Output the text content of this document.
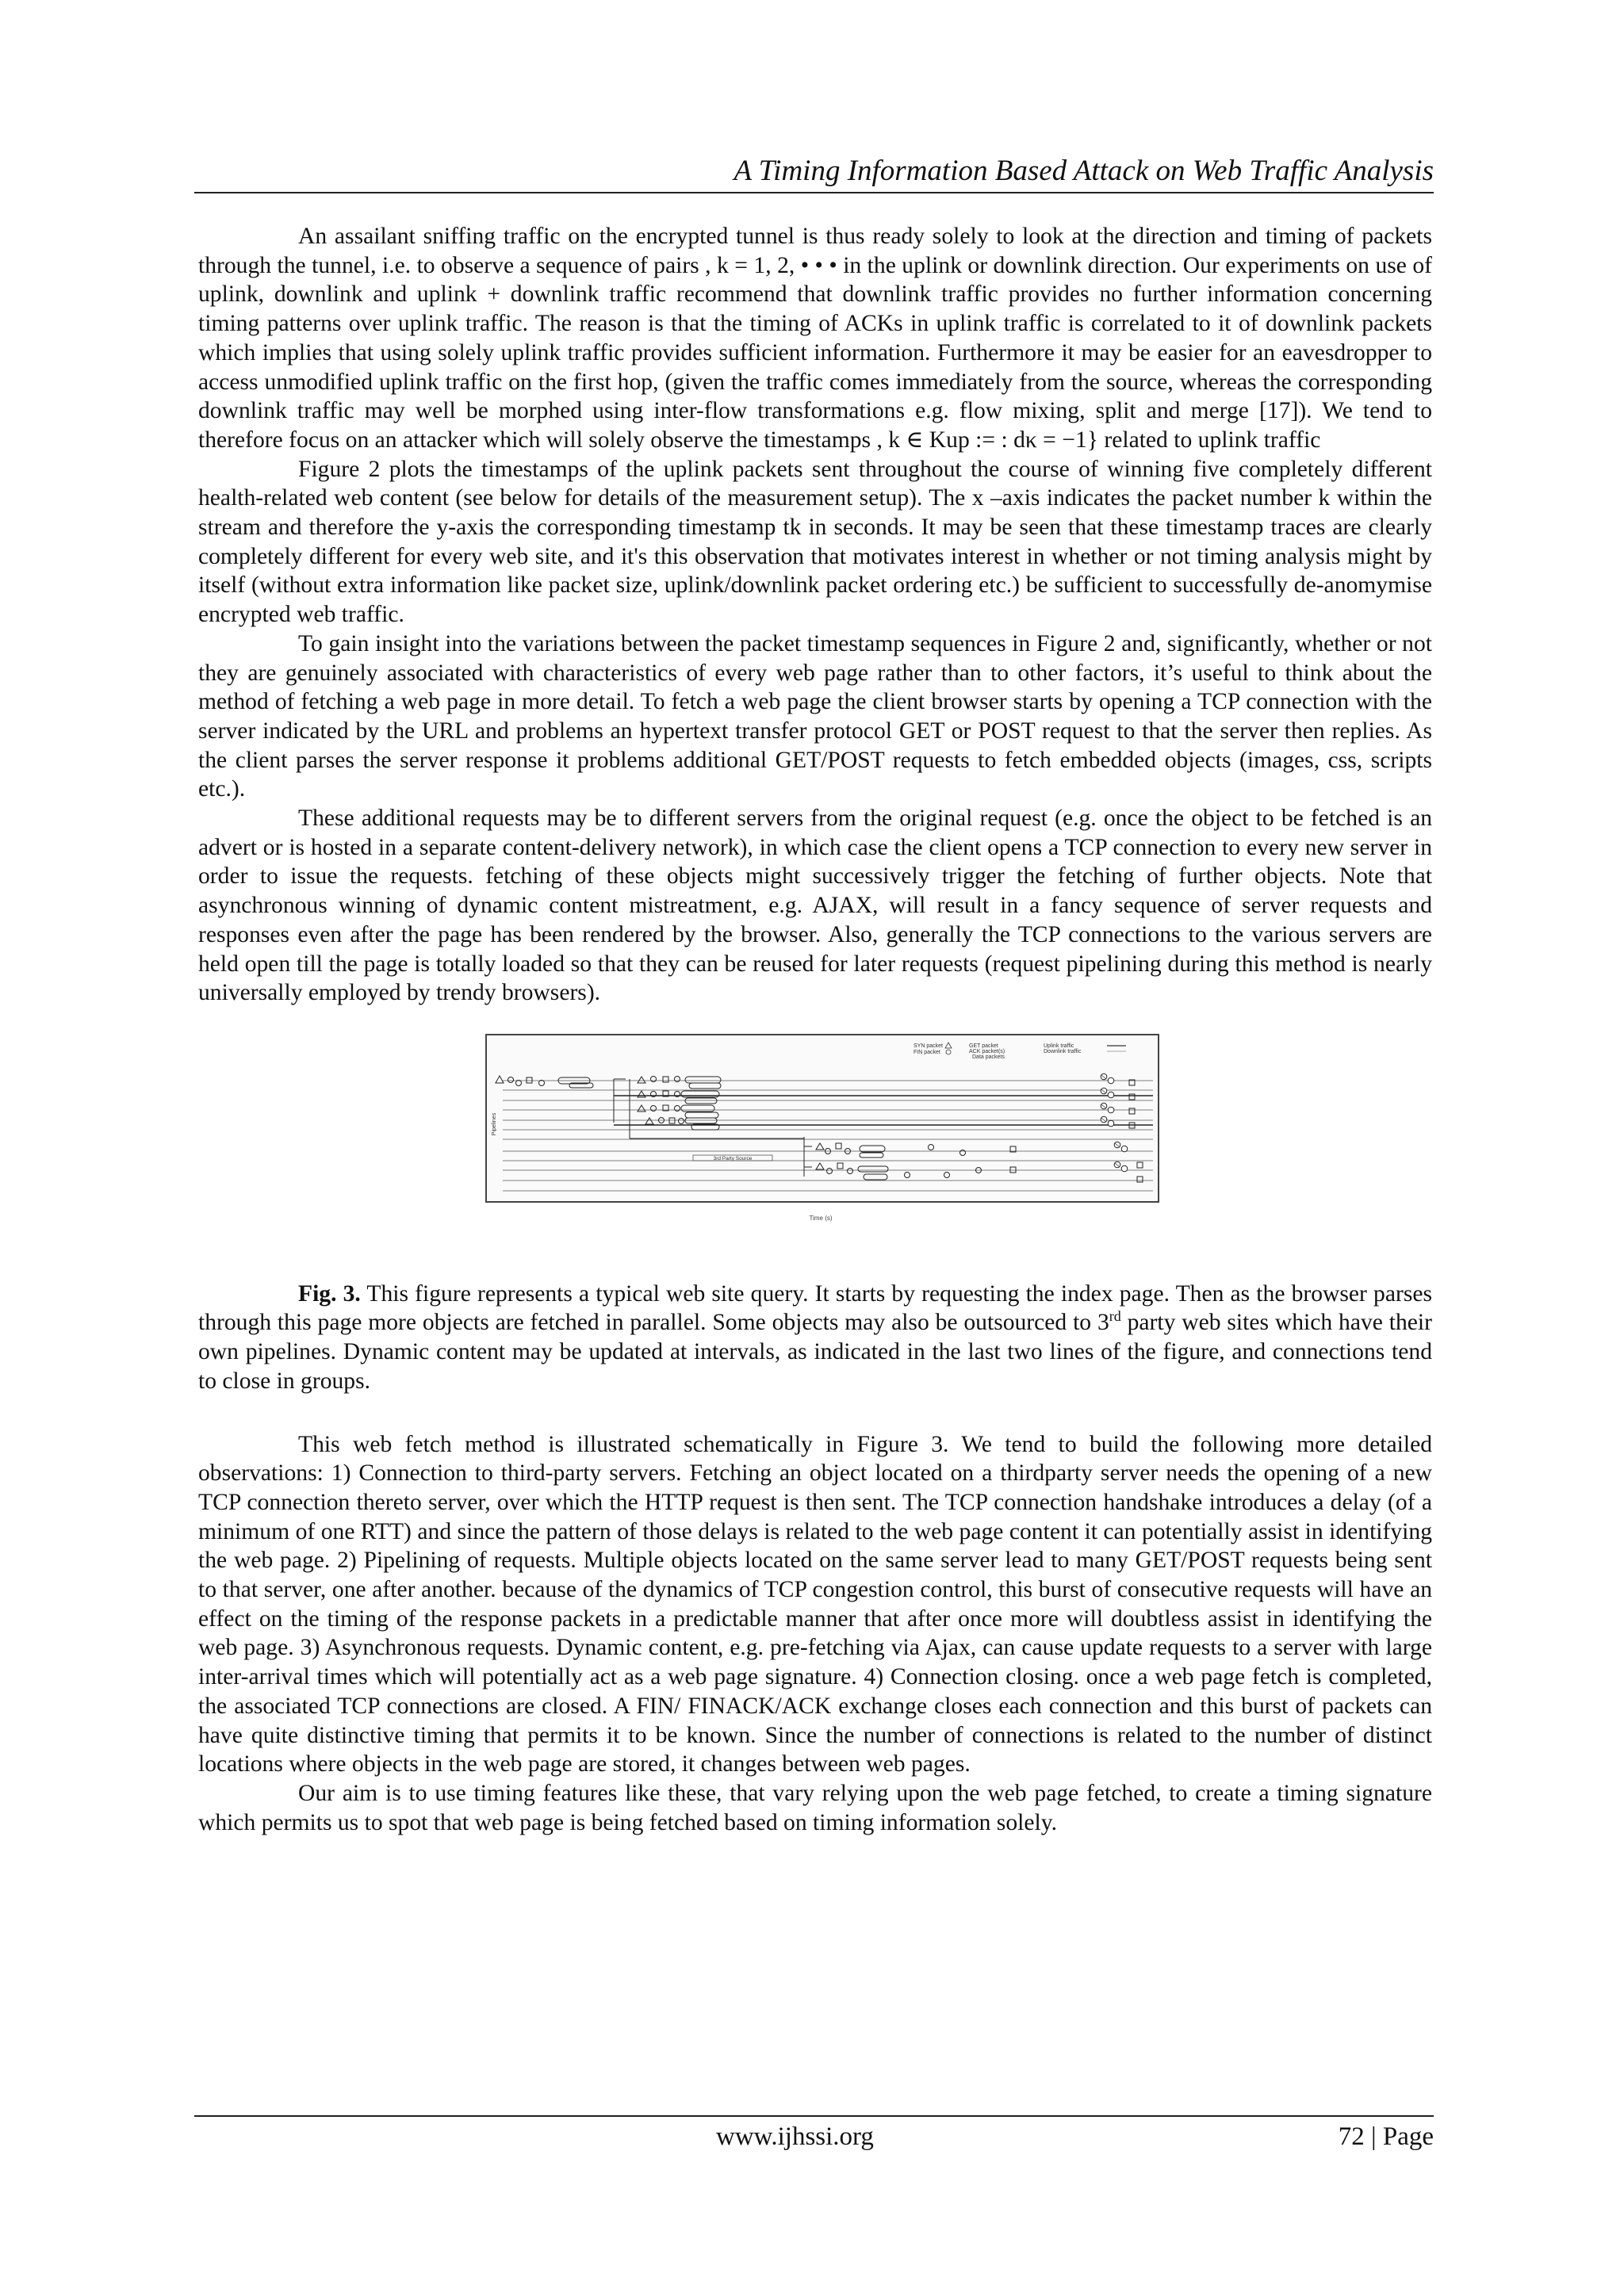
A Timing Information Based Attack on Web Traffic Analysis

An assailant sniffing traffic on the encrypted tunnel is thus ready solely to look at the direction and timing of packets through the tunnel, i.e. to observe a sequence of pairs , k = 1, 2, • • • in the uplink or downlink direction. Our experiments on use of uplink, downlink and uplink + downlink traffic recommend that downlink traffic provides no further information concerning timing patterns over uplink traffic. The reason is that the timing of ACKs in uplink traffic is correlated to it of downlink packets which implies that using solely uplink traffic provides sufficient information. Furthermore it may be easier for an eavesdropper to access unmodified uplink traffic on the first hop, (given the traffic comes immediately from the source, whereas the corresponding downlink traffic may well be morphed using inter-flow transformations e.g. flow mixing, split and merge [17]). We tend to therefore focus on an attacker which will solely observe the timestamps , k ∈ Kup := : dκ = −1} related to uplink traffic

Figure 2 plots the timestamps of the uplink packets sent throughout the course of winning five completely different health-related web content (see below for details of the measurement setup). The x –axis indicates the packet number k within the stream and therefore the y-axis the corresponding timestamp tk in seconds. It may be seen that these timestamp traces are clearly completely different for every web site, and it's this observation that motivates interest in whether or not timing analysis might by itself (without extra information like packet size, uplink/downlink packet ordering etc.) be sufficient to successfully de-anomymise encrypted web traffic.

To gain insight into the variations between the packet timestamp sequences in Figure 2 and, significantly, whether or not they are genuinely associated with characteristics of every web page rather than to other factors, it’s useful to think about the method of fetching a web page in more detail. To fetch a web page the client browser starts by opening a TCP connection with the server indicated by the URL and problems an hypertext transfer protocol GET or POST request to that the server then replies. As the client parses the server response it problems additional GET/POST requests to fetch embedded objects (images, css, scripts etc.).

These additional requests may be to different servers from the original request (e.g. once the object to be fetched is an advert or is hosted in a separate content-delivery network), in which case the client opens a TCP connection to every new server in order to issue the requests. fetching of these objects might successively trigger the fetching of further objects. Note that asynchronous winning of dynamic content mistreatment, e.g. AJAX, will result in a fancy sequence of server requests and responses even after the page has been rendered by the browser. Also, generally the TCP connections to the various servers are held open till the page is totally loaded so that they can be reused for later requests (request pipelining during this method is nearly universally employed by trendy browsers).

SYN packet
FIN packet
GET packet
ACK packet(s)
Data packets
Uplink traffic
Downlink traffic
Pipelines
3rd Party Source
Time (s)

Fig. 3. This figure represents a typical web site query. It starts by requesting the index page. Then as the browser parses through this page more objects are fetched in parallel. Some objects may also be outsourced to 3rd party web sites which have their own pipelines. Dynamic content may be updated at intervals, as indicated in the last two lines of the figure, and connections tend to close in groups.

This web fetch method is illustrated schematically in Figure 3. We tend to build the following more detailed observations: 1) Connection to third-party servers. Fetching an object located on a thirdparty server needs the opening of a new TCP connection thereto server, over which the HTTP request is then sent. The TCP connection handshake introduces a delay (of a minimum of one RTT) and since the pattern of those delays is related to the web page content it can potentially assist in identifying the web page. 2) Pipelining of requests. Multiple objects located on the same server lead to many GET/POST requests being sent to that server, one after another. because of the dynamics of TCP congestion control, this burst of consecutive requests will have an effect on the timing of the response packets in a predictable manner that after once more will doubtless assist in identifying the web page. 3) Asynchronous requests. Dynamic content, e.g. pre-fetching via Ajax, can cause update requests to a server with large inter-arrival times which will potentially act as a web page signature. 4) Connection closing. once a web page fetch is completed, the associated TCP connections are closed. A FIN/ FINACK/ACK exchange closes each connection and this burst of packets can have quite distinctive timing that permits it to be known. Since the number of connections is related to the number of distinct locations where objects in the web page are stored, it changes between web pages.

Our aim is to use timing features like these, that vary relying upon the web page fetched, to create a timing signature which permits us to spot that web page is being fetched based on timing information solely.

www.ijhssi.org	72 | Page
